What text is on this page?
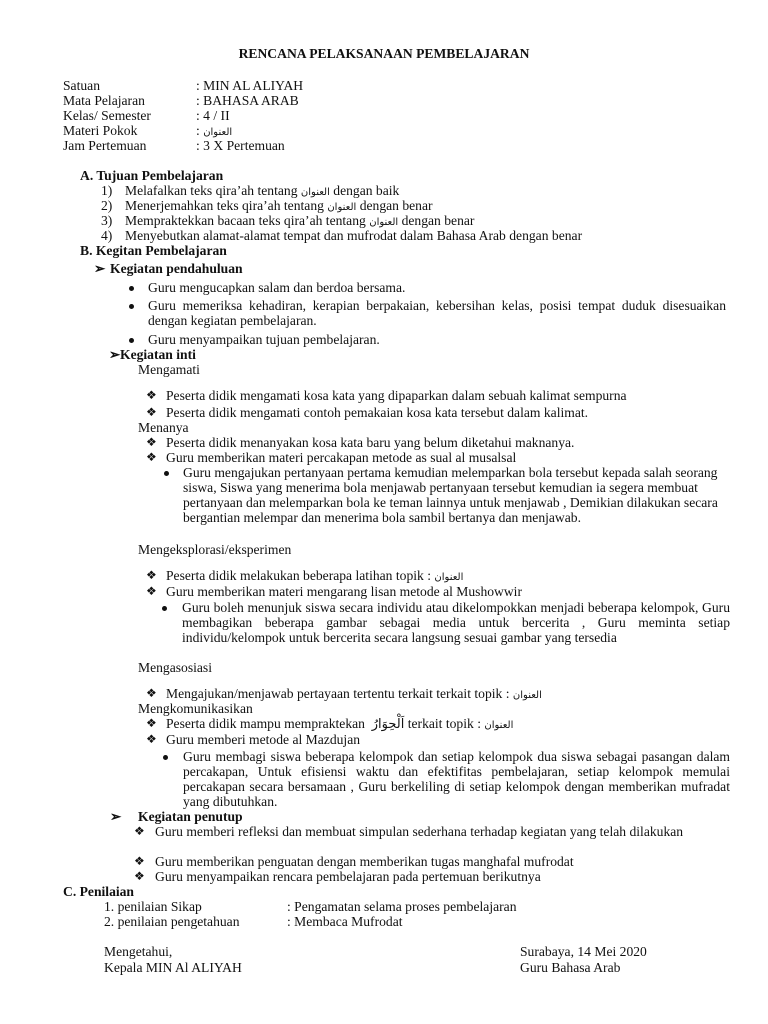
RENCANA PELAKSANAAN PEMBELAJARAN
Satuan	: MIN AL ALIYAH
Mata Pelajaran	: BAHASA ARAB
Kelas/ Semester	: 4 / II
Materi Pokok	: العنوان
Jam Pertemuan	: 3 X Pertemuan
A. Tujuan Pembelajaran
1) Melafalkan teks qira’ah tentang العنوان dengan baik
2) Menerjemahkan teks qira’ah tentang العنوان dengan benar
3) Mempraktekkan bacaan teks qira’ah tentang العنوان dengan benar
4) Menyebutkan alamat-alamat tempat dan mufrodat dalam Bahasa Arab dengan benar
B. Kegitan Pembelajaran
➢ Kegiatan pendahuluan
Guru mengucapkan salam dan berdoa bersama.
Guru memeriksa kehadiran, kerapian berpakaian, kebersihan kelas, posisi tempat duduk disesuaikan dengan kegiatan pembelajaran.
Guru menyampaikan tujuan pembelajaran.
➢Kegiatan inti
Mengamati
❖ Peserta didik mengamati kosa kata yang dipaparkan dalam sebuah kalimat sempurna
❖ Peserta didik mengamati contoh pemakaian kosa kata tersebut dalam kalimat.
Menanya
❖ Peserta didik menanyakan kosa kata baru yang belum diketahui maknanya.
❖ Guru memberikan materi percakapan metode as sual al musalsal
Guru mengajukan pertanyaan pertama kemudian melemparkan bola tersebut kepada salah seorang siswa, Siswa yang menerima bola menjawab pertanyaan tersebut kemudian ia segera membuat pertanyaan dan melemparkan bola ke teman lainnya untuk menjawab , Demikian dilakukan secara bergantian melempar dan menerima bola sambil bertanya dan menjawab.
Mengeksplorasi/eksperimen
❖ Peserta didik melakukan beberapa latihan topik : العنوان
❖ Guru memberikan materi mengarang lisan metode al Mushowwir
Guru boleh menunjuk siswa secara individu atau dikelompokkan menjadi beberapa kelompok, Guru membagikan beberapa gambar sebagai media untuk bercerita , Guru meminta setiap individu/kelompok untuk bercerita secara langsung sesuai gambar yang tersedia
Mengasosiasi
❖ Mengajukan/menjawab pertayaan tertentu terkait terkait topik : العنوان
Mengkomunikasikan
❖ Peserta didik mampu mempraktekan اَلْحِوَارُ terkait topik : العنوان
❖ Guru memberi metode al Mazdujan
Guru membagi siswa beberapa kelompok dan setiap kelompok dua siswa sebagai pasangan dalam percakapan, Untuk efisiensi waktu dan efektifitas pembelajaran, setiap kelompok memulai percakapan secara bersamaan , Guru berkeliling di setiap kelompok dengan memberikan mufradat yang dibutuhkan.
➢ Kegiatan penutup
❖ Guru memberi refleksi dan membuat simpulan sederhana terhadap kegiatan yang telah dilakukan
❖ Guru memberikan penguatan dengan memberikan tugas manghafal mufrodat
❖ Guru menyampaikan rencara pembelajaran pada pertemuan berikutnya
C. Penilaian
1. penilaian Sikap	: Pengamatan selama proses pembelajaran
2. penilaian pengetahuan	: Membaca Mufrodat
Mengetahui,
Kepala MIN Al ALIYAH
Surabaya, 14 Mei 2020
Guru Bahasa Arab
